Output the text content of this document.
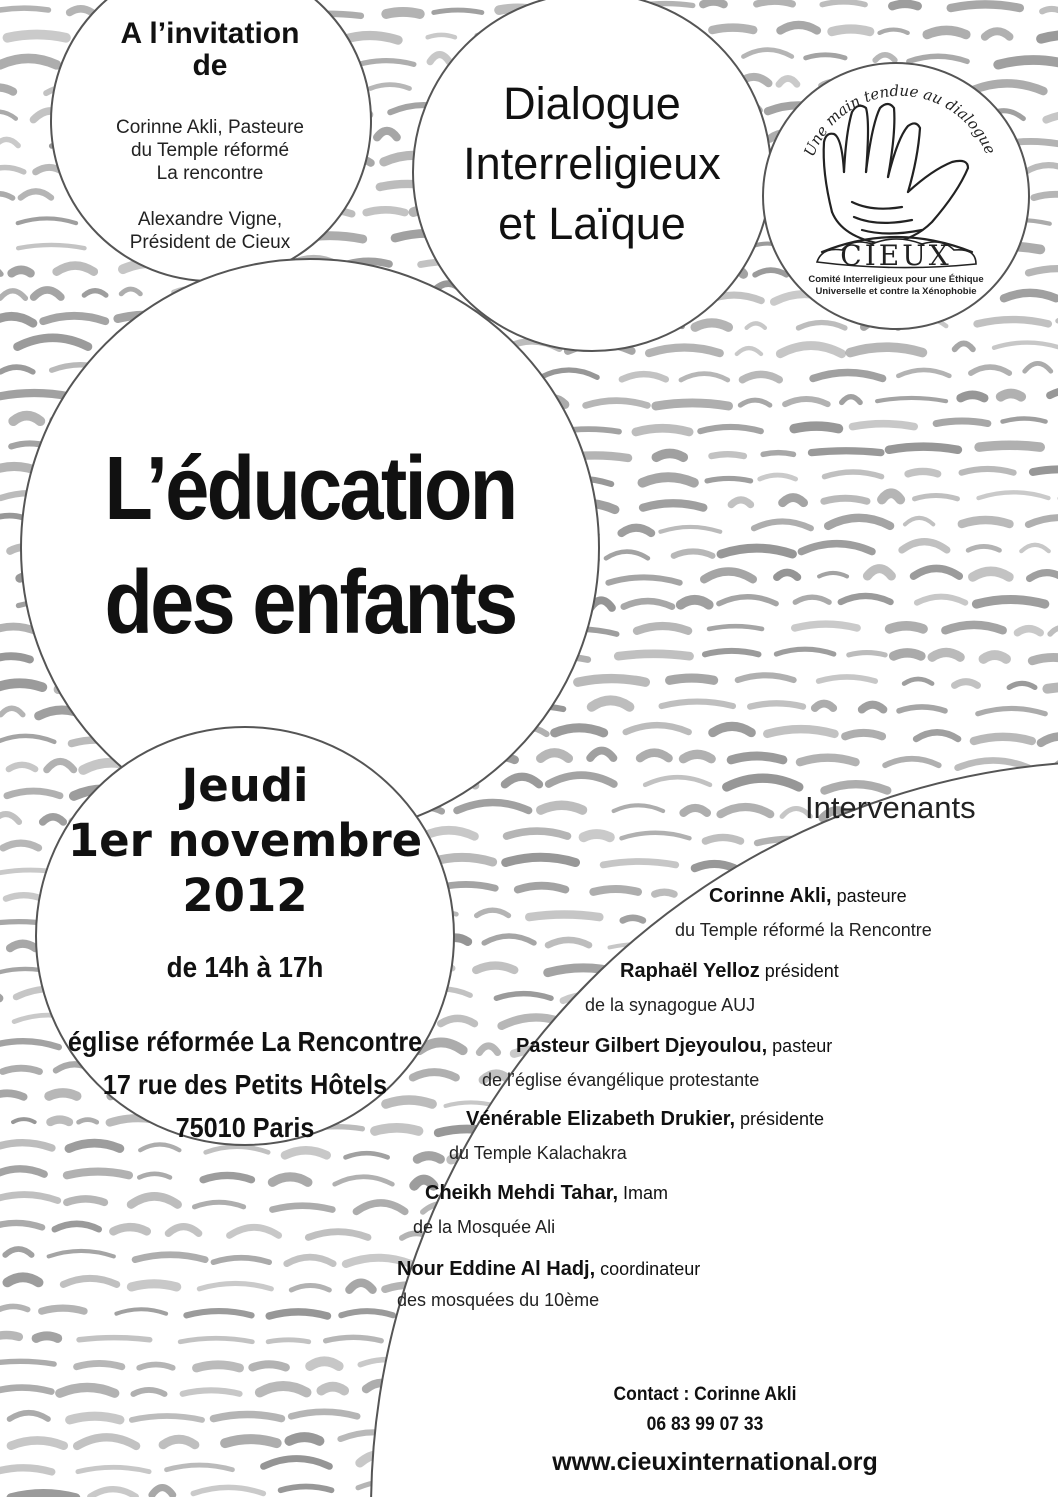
A l’invitation
de
Corinne Akli, Pasteure
du Temple réformé
La rencontre
Alexandre Vigne,
Président de Cieux
Dialogue
Interreligieux
et Laïque
Une main tendue au dialogue
CIEUX
Comité Interreligieux pour une Éthique
Universelle et contre la Xénophobie
L’éducation
des enfants
Jeudi
1er novembre
2012
de 14h à 17h
église réformée La Rencontre
17 rue des Petits Hôtels
75010 Paris
Intervenants

Corinne Akli, pasteure

du Temple réformé la Rencontre

Raphaël Yelloz président

de la synagogue AUJ

Pasteur Gilbert Djeyoulou, pasteur

de l’église évangélique protestante

Vénérable Elizabeth Drukier, présidente

du Temple Kalachakra

Cheikh Mehdi Tahar, Imam

de la Mosquée Ali

Nour Eddine Al Hadj, coordinateur

des mosquées du 10ème

Contact : Corinne Akli
06 83 99 07 33
www.cieuxinternational.org
